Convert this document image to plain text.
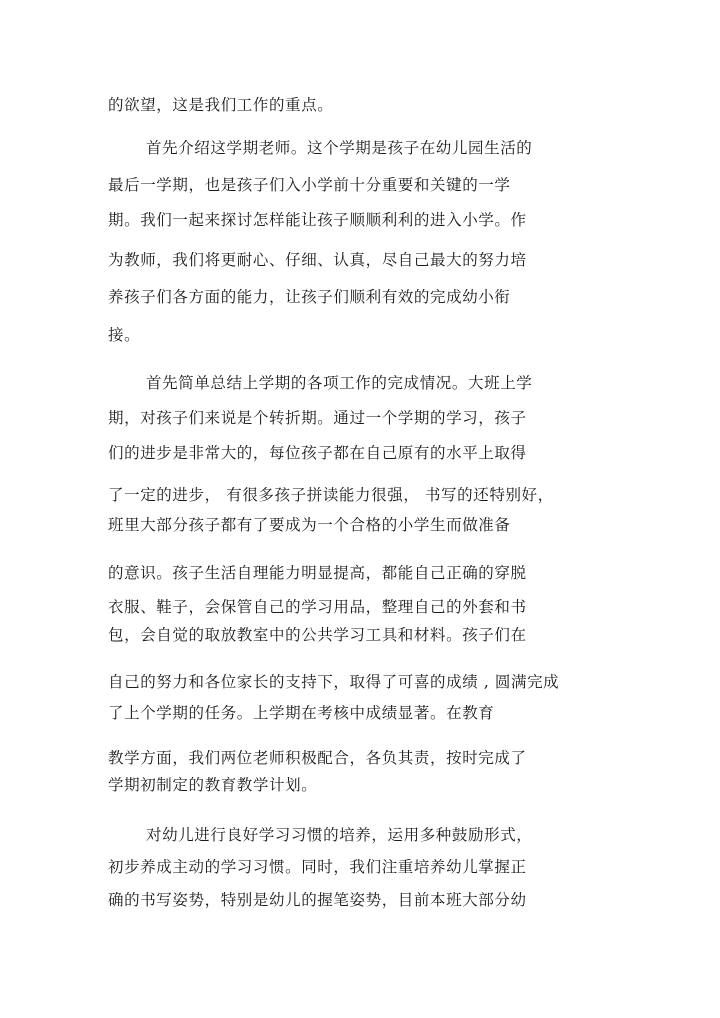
的欲望，这是我们工作的重点。
首先介绍这学期老师。这个学期是孩子在幼儿园生活的
最后一学期，也是孩子们入小学前十分重要和关键的一学
期。我们一起来探讨怎样能让孩子顺顺利利的进入小学。作
为教师，我们将更耐心、仔细、认真，尽自己最大的努力培
养孩子们各方面的能力，让孩子们顺利有效的完成幼小衔
接。
首先简单总结上学期的各项工作的完成情况。大班上学
期，对孩子们来说是个转折期。通过一个学期的学习，孩子
们的进步是非常大的，每位孩子都在自己原有的水平上取得
了一定的进步， 有很多孩子拼读能力很强， 书写的还特别好，
班里大部分孩子都有了要成为一个合格的小学生而做准备
的意识。孩子生活自理能力明显提高，都能自己正确的穿脱
衣服、鞋子，会保管自己的学习用品，整理自己的外套和书
包，会自觉的取放教室中的公共学习工具和材料。孩子们在
自己的努力和各位家长的支持下，取得了可喜的成绩 , 圆满完成
了上个学期的任务。上学期在考核中成绩显著。在教育
教学方面，我们两位老师积极配合，各负其责，按时完成了
学期初制定的教育教学计划。
对幼儿进行良好学习习惯的培养，运用多种鼓励形式，
初步养成主动的学习习惯。同时，我们注重培养幼儿掌握正
确的书写姿势，特别是幼儿的握笔姿势，目前本班大部分幼
